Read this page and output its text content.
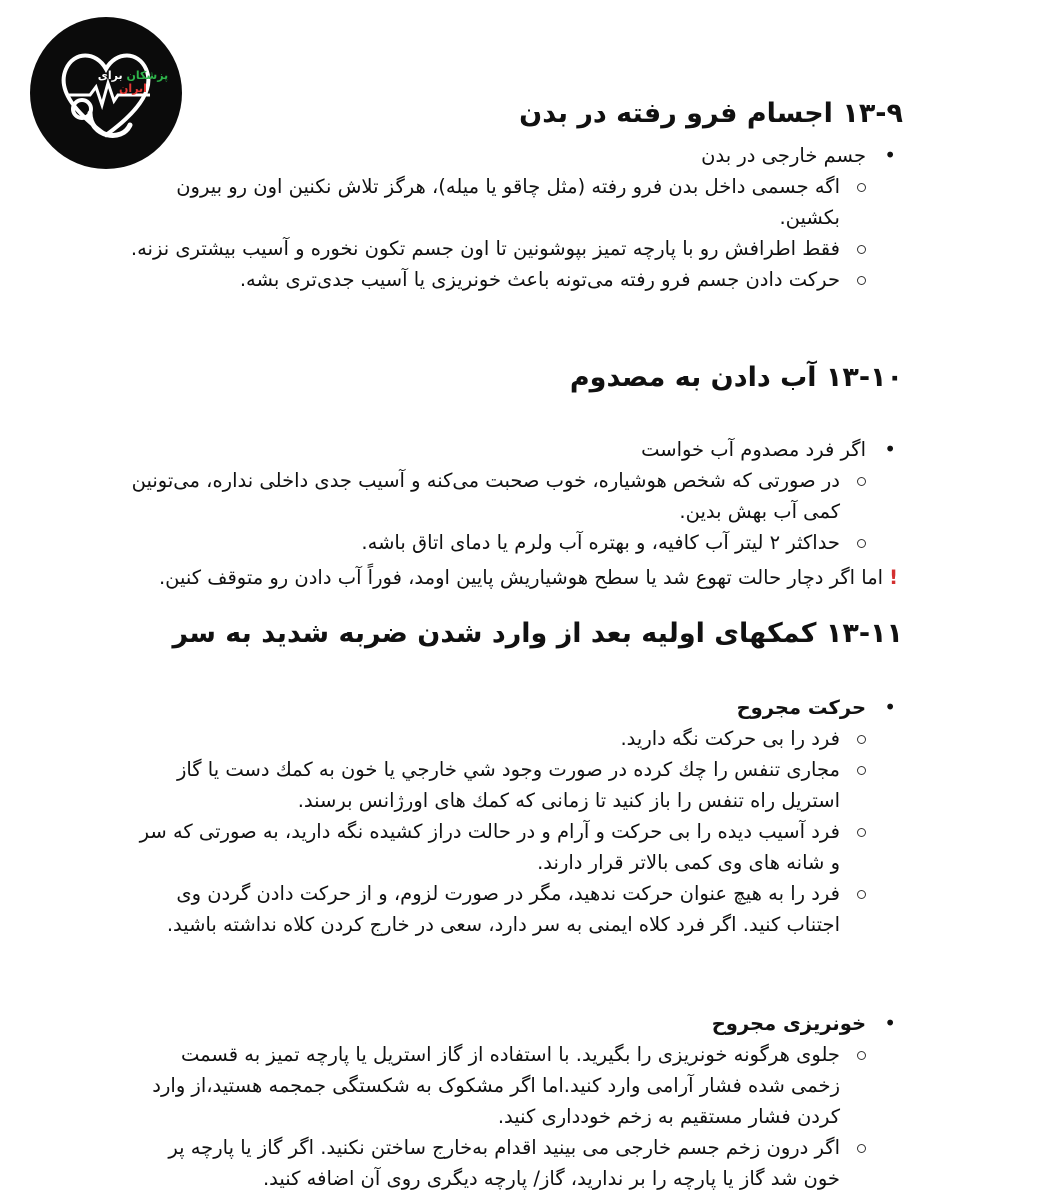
پزشکان برای ایران
۱۳-۹ اجسام فرو رفته در بدن
•
جسم خارجی در بدن
اگه جسمی داخل بدن فرو رفته (مثل چاقو یا میله)، هرگز تلاش نکنین اون رو بیرون بکشین.
فقط اطرافش رو با پارچه تمیز بپوشونین تا اون جسم تکون نخوره و آسیب بیشتری نزنه.
حرکت دادن جسم فرو رفته می‌تونه باعث خونریزی یا آسیب جدی‌تری بشه.
۱۳-۱۰ آب دادن به مصدوم
•
اگر فرد مصدوم آب خواست
در صورتی که شخص هوشیاره، خوب صحبت می‌کنه و آسیب جدی داخلی نداره، می‌تونین کمی آب بهش بدین.
حداکثر ۲ لیتر آب کافیه، و بهتره آب ولرم یا دمای اتاق باشه.

!اما اگر دچار حالت تهوع شد یا سطح هوشیاریش پایین اومد، فوراً آب دادن رو متوقف کنین.

۱۳-۱۱ کمکهای اولیه بعد از وارد شدن ضربه شدید به سر
•
حرکت مجروح
فرد را بی حرکت نگه دارید.
مجاری تنفس را چك كرده در صورت وجود شي خارجي يا خون به كمك دست يا گاز استريل راه تنفس را باز كنيد تا زمانى كه كمك هاى اورژانس برسند.
فرد آسیب دیده را بی حرکت و آرام و در حالت دراز کشیده نگه دارید، به صورتی که سر و شانه های وی کمی بالاتر قرار دارند.
فرد را به هیچ عنوان حرکت ندهید، مگر در صورت لزوم، و از حرکت دادن گردن وی اجتناب کنید. اگر فرد کلاه ایمنی به سر دارد، سعی در خارج کردن کلاه نداشته باشید.
•
خونریزی مجروح
جلوی هرگونه خونریزی را بگیرید. با استفاده از گاز استریل یا پارچه تمیز به قسمت زخمی شده فشار آرامی وارد کنید.اما اگر مشکوک به شکستگی جمجمه هستید،از وارد کردن فشار مستقیم به زخم خودداری کنید.
اگر درون زخم جسم خارجی می بینید اقدام به‌خارج ساختن نکنید. اگر گاز یا پارچه پر خون شد گاز یا پارچه را بر ندارید، گاز/ پارچه دیگری روی آن اضافه کنید.
